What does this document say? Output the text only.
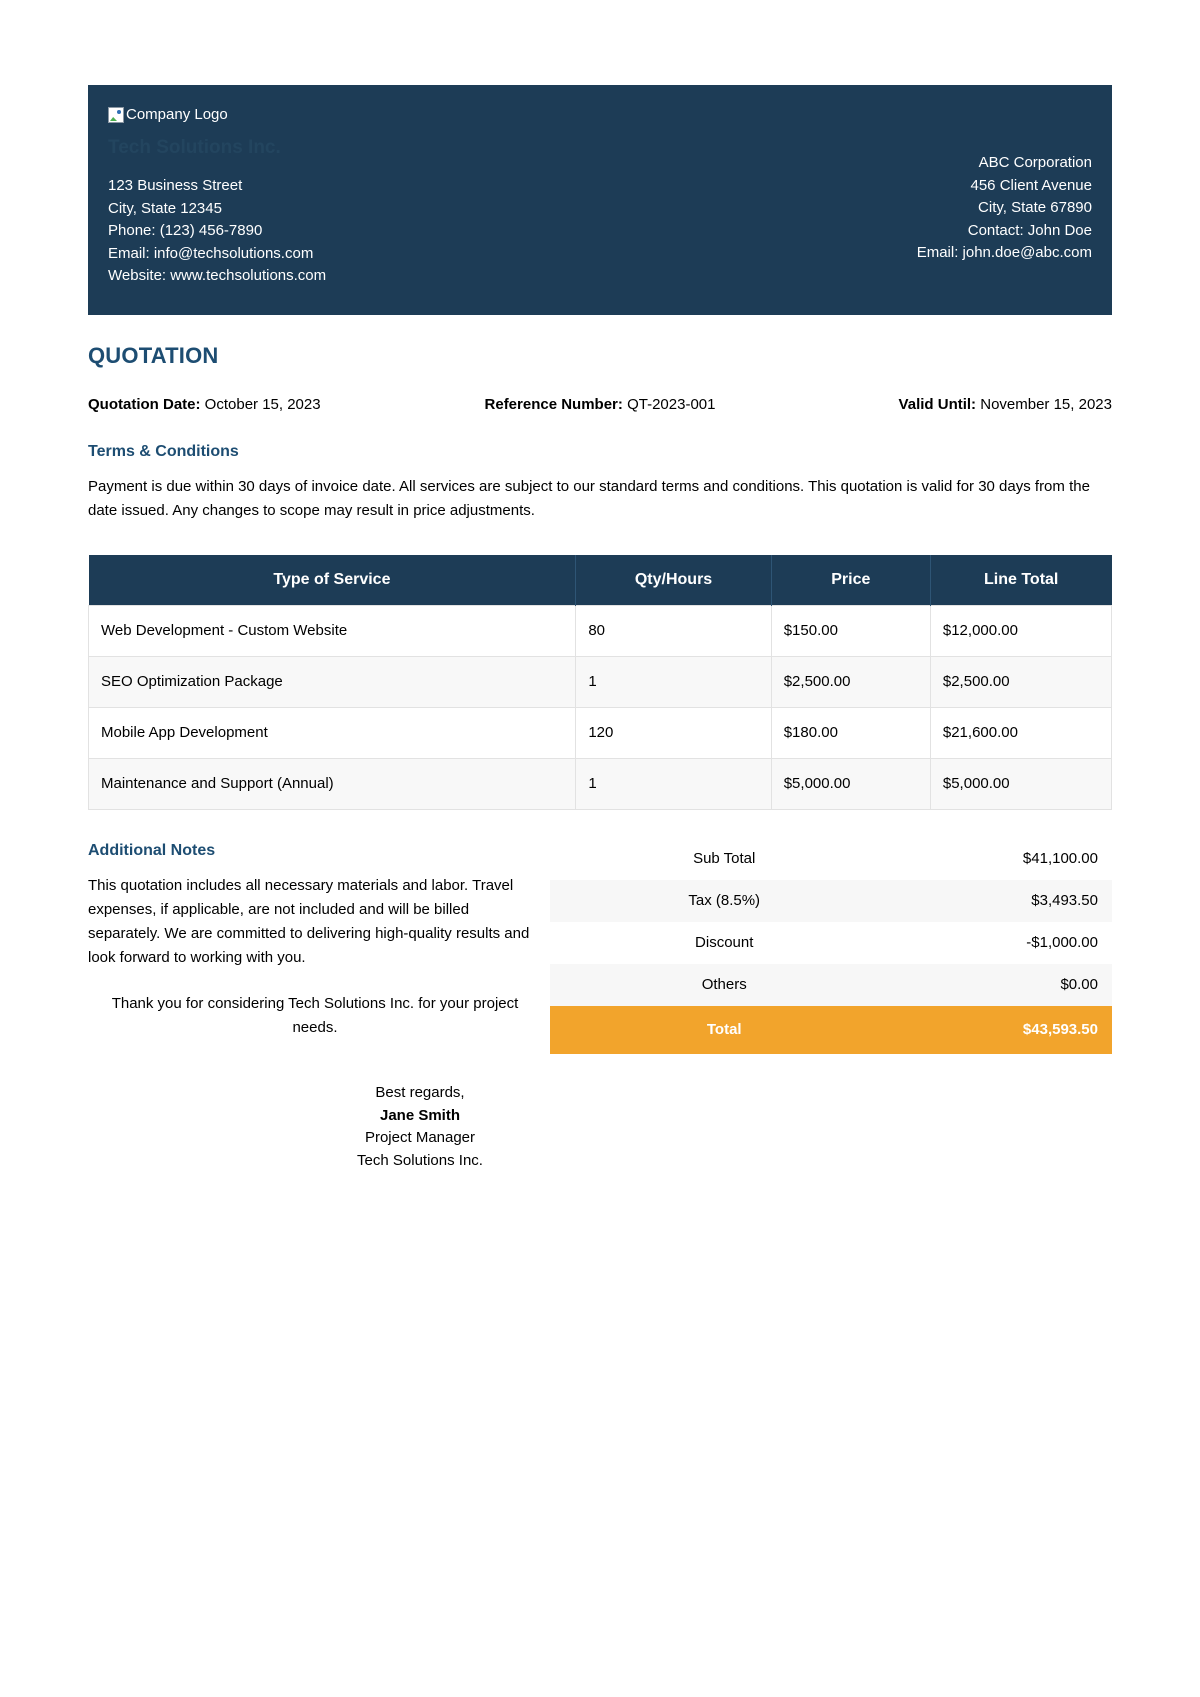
Company Logo
Tech Solutions Inc.
123 Business Street
City, State 12345
Phone: (123) 456-7890
Email: info@techsolutions.com
Website: www.techsolutions.com
ABC Corporation
456 Client Avenue
City, State 67890
Contact: John Doe
Email: john.doe@abc.com
QUOTATION
Quotation Date: October 15, 2023	Reference Number: QT-2023-001	Valid Until: November 15, 2023
Terms & Conditions

Payment is due within 30 days of invoice date. All services are subject to our standard terms and conditions. This quotation is valid for 30 days from the date issued. Any changes to scope may result in price adjustments.

Type of Service	Qty/Hours	Price	Line Total
Web Development - Custom Website	80	$150.00	$12,000.00
SEO Optimization Package	1	$2,500.00	$2,500.00
Mobile App Development	120	$180.00	$21,600.00
Maintenance and Support (Annual)	1	$5,000.00	$5,000.00
Additional Notes

This quotation includes all necessary materials and labor. Travel expenses, if applicable, are not included and will be billed separately. We are committed to delivering high-quality results and look forward to working with you.

Thank you for considering Tech Solutions Inc. for your project needs.

Sub Total	$41,100.00
Tax (8.5%)	$3,493.50
Discount	-$1,000.00
Others	$0.00
Total	$43,593.50
Best regards,
Jane Smith
Project Manager
Tech Solutions Inc.
